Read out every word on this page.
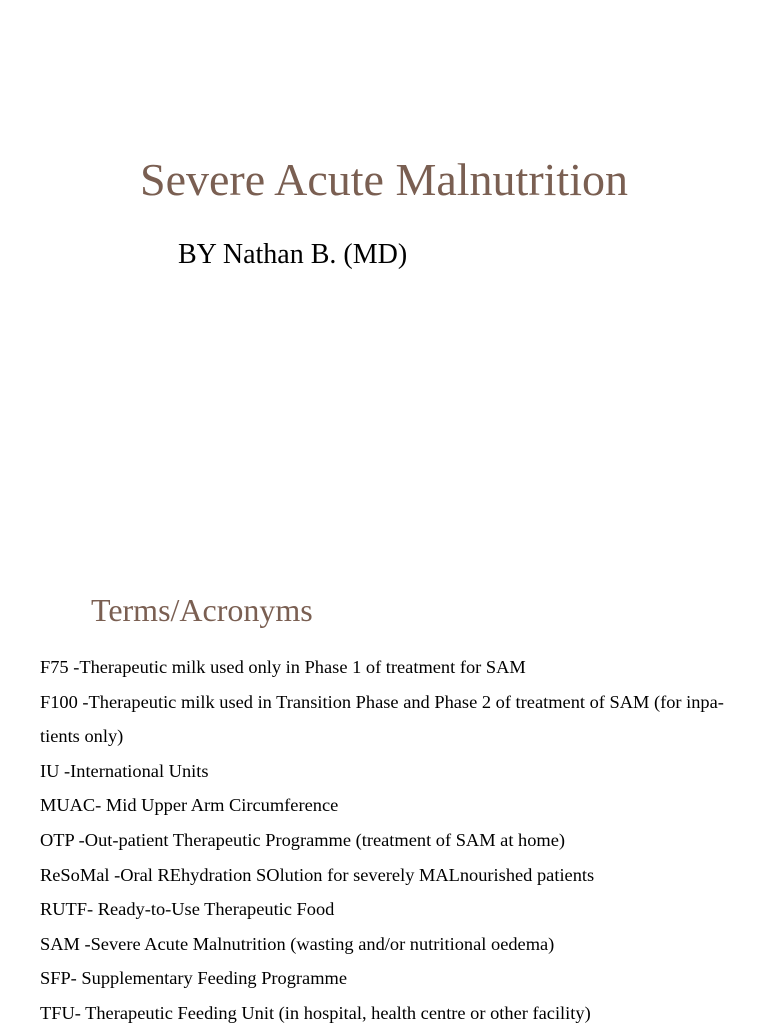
Severe Acute Malnutrition
BY Nathan B. (MD)
Terms/Acronyms
F75 -Therapeutic milk used only in Phase 1 of treatment for SAM
F100 -Therapeutic milk used in Transition Phase and Phase 2 of treatment of SAM (for inpa-
tients only)
IU -International Units
MUAC- Mid Upper Arm Circumference
OTP -Out-patient Therapeutic Programme (treatment of SAM at home)
ReSoMal -Oral REhydration SOlution for severely MALnourished patients
RUTF- Ready-to-Use Therapeutic Food
SAM -Severe Acute Malnutrition (wasting and/or nutritional oedema)
SFP- Supplementary Feeding Programme
TFU- Therapeutic Feeding Unit (in hospital, health centre or other facility)
